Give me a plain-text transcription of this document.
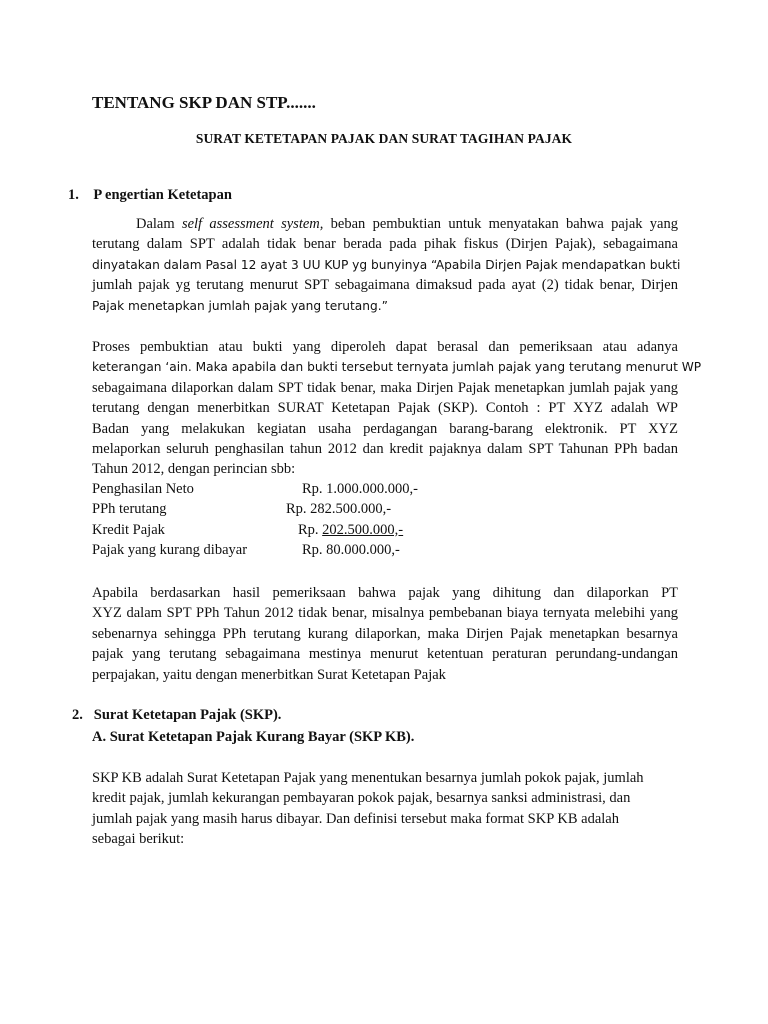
TENTANG SKP DAN STP.......
SURAT KETETAPAN PAJAK DAN SURAT TAGIHAN PAJAK
1. P engertian Ketetapan
Dalam self assessment system, beban pembuktian untuk menyatakan bahwa pajak yang
terutang dalam SPT adalah tidak benar berada pada pihak fiskus (Dirjen Pajak), sebagaimana
dinyatakan dalam Pasal 12 ayat 3 UU KUP yg bunyinya “Apabila Dirjen Pajak mendapatkan bukti
jumlah pajak yg terutang menurut SPT sebagaimana dimaksud pada ayat (2) tidak benar, Dirjen
Pajak menetapkan jumlah pajak yang terutang.”
Proses pembuktian atau bukti yang diperoleh dapat berasal dan pemeriksaan atau adanya
keterangan ‘ain. Maka apabila dan bukti tersebut ternyata jumlah pajak yang terutang menurut WP
sebagaimana dilaporkan dalam SPT tidak benar, maka Dirjen Pajak menetapkan jumlah pajak yang
terutang dengan menerbitkan SURAT Ketetapan Pajak (SKP). Contoh : PT XYZ adalah WP
Badan yang melakukan kegiatan usaha perdagangan barang-barang elektronik. PT XYZ
melaporkan seluruh penghasilan tahun 2012 dan kredit pajaknya dalam SPT Tahunan PPh badan
Tahun 2012, dengan perincian sbb:
Penghasilan Neto	Rp. 1.000.000.000,-
PPh terutang	Rp. 282.500.000,-
Kredit Pajak	Rp. 202.500.000,-
Pajak yang kurang dibayar	Rp. 80.000.000,-
Apabila berdasarkan hasil pemeriksaan bahwa pajak yang dihitung dan dilaporkan PT
XYZ dalam SPT PPh Tahun 2012 tidak benar, misalnya pembebanan biaya ternyata melebihi yang
sebenarnya sehingga PPh terutang kurang dilaporkan, maka Dirjen Pajak menetapkan besarnya
pajak yang terutang sebagaimana mestinya menurut ketentuan peraturan perundang-undangan
perpajakan, yaitu dengan menerbitkan Surat Ketetapan Pajak
2. Surat Ketetapan Pajak (SKP).
A. Surat Ketetapan Pajak Kurang Bayar (SKP KB).
SKP KB adalah Surat Ketetapan Pajak yang menentukan besarnya jumlah pokok pajak, jumlah
kredit pajak, jumlah kekurangan pembayaran pokok pajak, besarnya sanksi administrasi, dan
jumlah pajak yang masih harus dibayar. Dan definisi tersebut maka format SKP KB adalah
sebagai berikut:
